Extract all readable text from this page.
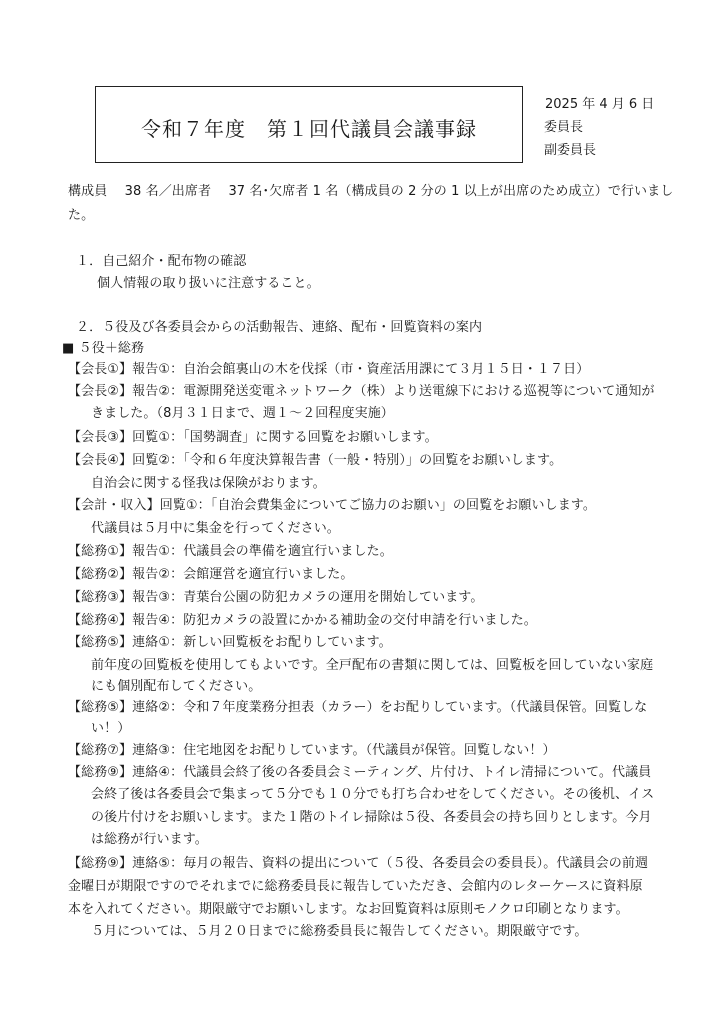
令和７年度　第１回代議員会議事録
2025 年 4 月 6 日
委員長
副委員長
構成員　 38 名／出席者　 37 名･欠席者 1 名（構成員の 2 分の 1 以上が出席のため成立）で行いまし
た。
１．自己紹介・配布物の確認
個人情報の取り扱いに注意すること。
２．５役及び各委員会からの活動報告、連絡、配布・回覧資料の案内
■ ５役＋総務
【会長①】報告①：自治会館裏山の木を伐採（市・資産活用課にて３月１５日・１７日）
【会長②】報告②：電源開発送変電ネットワーク（株）より送電線下における巡視等について通知が
きました。（8月３１日まで、週１～２回程度実施）
【会長③】回覧①：「国勢調査」に関する回覧をお願いします。
【会長④】回覧②：「令和６年度決算報告書（一般・特別）」の回覧をお願いします。
自治会に関する怪我は保険がおります。
【会計・収入】回覧①：「自治会費集金についてご協力のお願い」の回覧をお願いします。
代議員は５月中に集金を行ってください。
【総務①】報告①：代議員会の準備を適宜行いました。
【総務②】報告②：会館運営を適宜行いました。
【総務③】報告③：青葉台公園の防犯カメラの運用を開始しています。
【総務④】報告④：防犯カメラの設置にかかる補助金の交付申請を行いました。
【総務⑤】連絡①：新しい回覧板をお配りしています。
前年度の回覧板を使用してもよいです。全戸配布の書類に関しては、回覧板を回していない家庭
にも個別配布してください。
【総務⑤】連絡②：令和７年度業務分担表（カラー）をお配りしています。（代議員保管。回覧しな
い！）
【総務⑦】連絡③：住宅地図をお配りしています。（代議員が保管。回覧しない！）
【総務⑨】連絡④：代議員会終了後の各委員会ミーティング、片付け、トイレ清掃について。代議員
会終了後は各委員会で集まって５分でも１０分でも打ち合わせをしてください。その後机、イス
の後片付けをお願いします。また１階のトイレ掃除は５役、各委員会の持ち回りとします。今月
は総務が行います。
【総務⑨】連絡⑤：毎月の報告、資料の提出について（５役、各委員会の委員長）。代議員会の前週
金曜日が期限ですのでそれまでに総務委員長に報告していただき、会館内のレターケースに資料原
本を入れてください。期限厳守でお願いします。なお回覧資料は原則モノクロ印刷となります。
５月については、５月２０日までに総務委員長に報告してください。期限厳守です。
